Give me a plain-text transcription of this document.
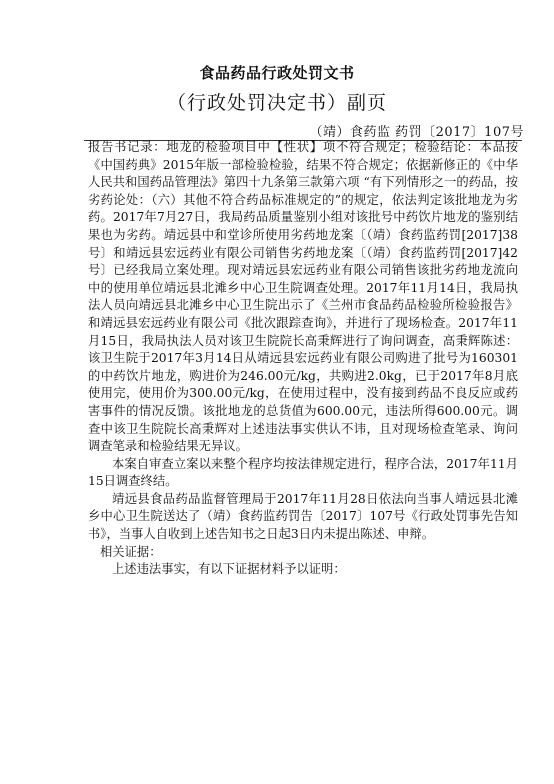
食品药品行政处罚文书
（行政处罚决定书）副页
（靖）食药监 药罚〔2017〕107号

报告书记录：地龙的检验项目中【性状】项不符合规定；检验结论：本品按《中国药典》2015年版一部检验检验，结果不符合规定；依据新修正的《中华人民共和国药品管理法》第四十九条第三款第六项 “有下列情形之一的药品，按劣药论处：（六）其他不符合药品标准规定的”的规定，依法判定该批地龙为劣药。2017年7月27日，我局药品质量鉴别小组对该批号中药饮片地龙的鉴别结果也为劣药。靖远县中和堂诊所使用劣药地龙案〔（靖）食药监药罚[2017]38号〕和靖远县宏远药业有限公司销售劣药地龙案〔（靖）食药监药罚[2017]42号〕已经我局立案处理。现对靖远县宏远药业有限公司销售该批劣药地龙流向中的使用单位靖远县北滩乡中心卫生院调查处理。2017年11月14日，我局执法人员向靖远县北滩乡中心卫生院出示了《兰州市食品药品检验所检验报告》和靖远县宏远药业有限公司《批次跟踪查询》，并进行了现场检查。2017年11月15日，我局执法人员对该卫生院院长高秉辉进行了询问调查，高秉辉陈述：该卫生院于2017年3月14日从靖远县宏远药业有限公司购进了批号为160301的中药饮片地龙，购进价为246.00元/kg，共购进2.0kg，已于2017年8月底使用完，使用价为300.00元/kg，在使用过程中，没有接到药品不良反应或药害事件的情况反馈。该批地龙的总货值为600.00元，违法所得600.00元。调查中该卫生院院长高秉辉对上述违法事实供认不讳，且对现场检查笔录、询问调查笔录和检验结果无异议。

本案自审查立案以来整个程序均按法律规定进行，程序合法，2017年11月15日调查终结。

靖远县食品药品监督管理局于2017年11月28日依法向当事人靖远县北滩乡中心卫生院送达了（靖）食药监药罚告〔2017〕107号《行政处罚事先告知书》，当事人自收到上述告知书之日起3日内未提出陈述、申辩。

相关证据：

上述违法事实，有以下证据材料予以证明：
